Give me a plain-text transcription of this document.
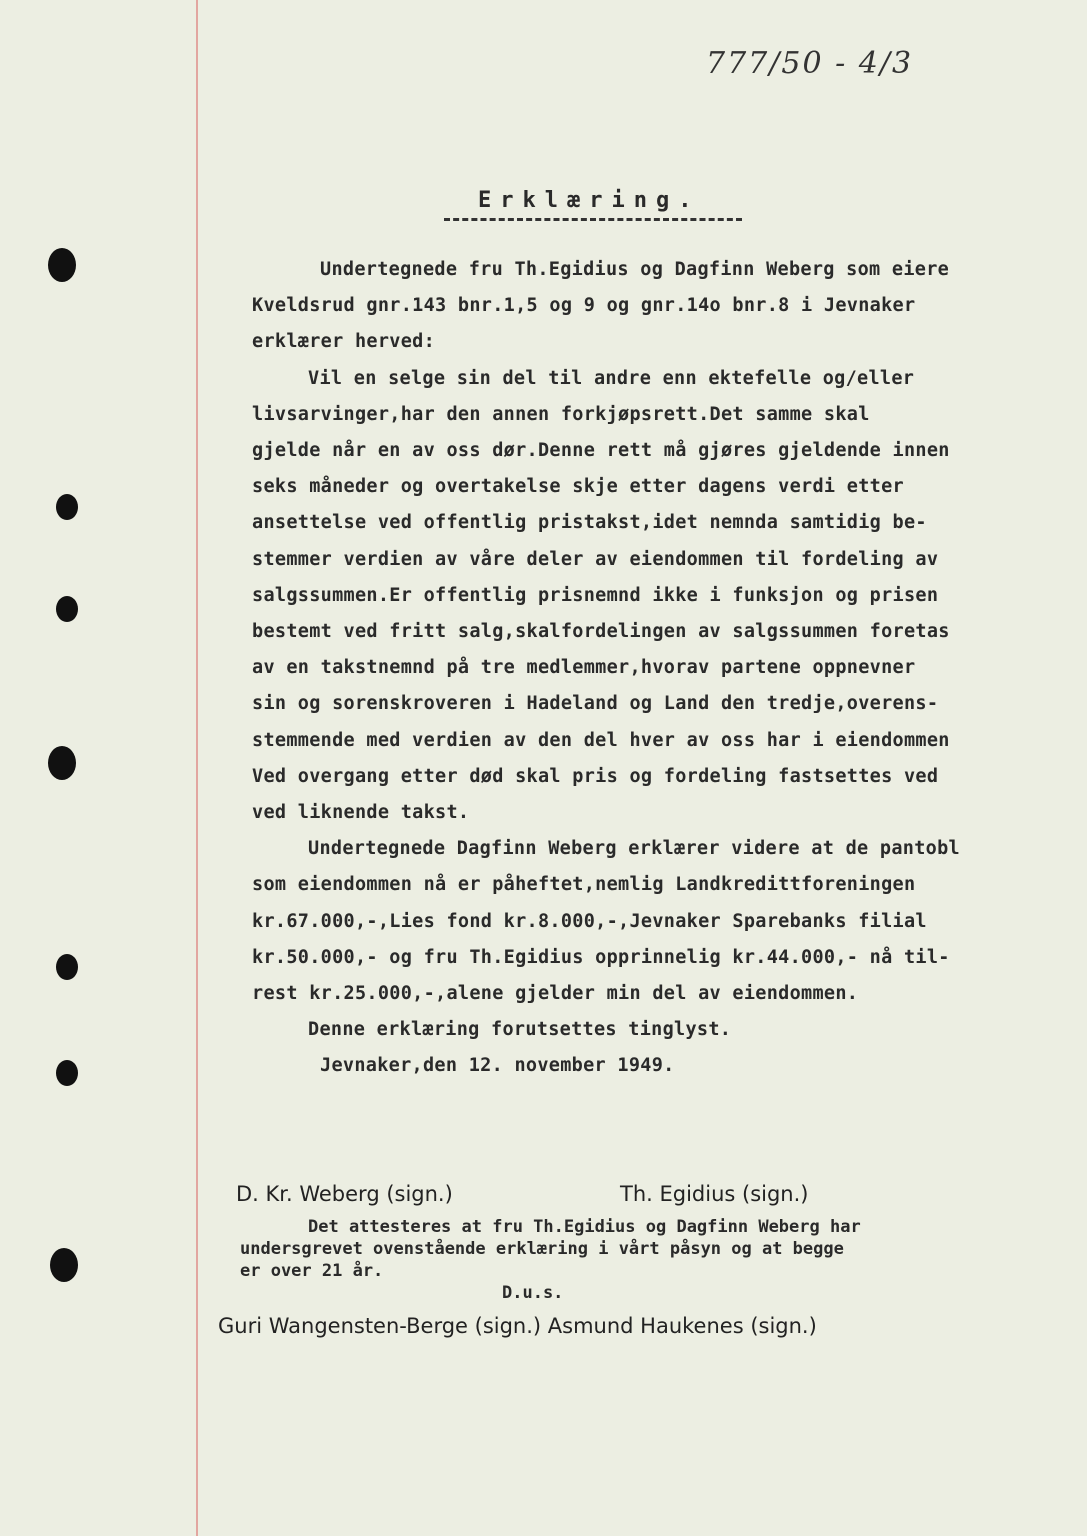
777/50 - 4/3
Erklæring.

Undertegnede fru Th.Egidius og Dagfinn Weberg som eiere

Kveldsrud gnr.143 bnr.1,5 og 9 og gnr.14o bnr.8 i Jevnaker

erklærer herved:

Vil en selge sin del til andre enn ektefelle og/eller

livsarvinger,har den annen forkjøpsrett.Det samme skal

gjelde når en av oss dør.Denne rett må gjøres gjeldende innen

seks måneder og overtakelse skje etter dagens verdi etter

ansettelse ved offentlig pristakst,idet nemnda samtidig be-

stemmer verdien av våre deler av eiendommen til fordeling av

salgssummen.Er offentlig prisnemnd ikke i funksjon og prisen

bestemt ved fritt salg,skalfordelingen av salgssummen foretas

av en takstnemnd på tre medlemmer,hvorav partene oppnevner

sin og sorenskroveren i Hadeland og Land den tredje,overens-

stemmende med verdien av den del hver av oss har i eiendommen

Ved overgang etter død skal pris og fordeling fastsettes ved

ved liknende takst.

Undertegnede Dagfinn Weberg erklærer videre at de pantobl

som eiendommen nå er påheftet,nemlig Landkredittforeningen

kr.67.000,-,Lies fond kr.8.000,-,Jevnaker Sparebanks filial

kr.50.000,- og fru Th.Egidius opprinnelig kr.44.000,- nå til-

rest kr.25.000,-,alene gjelder min del av eiendommen.

Denne erklæring forutsettes tinglyst.

Jevnaker,den 12. november 1949.

D. Kr. Weberg (sign.)	Th. Egidius (sign.)

Det attesteres at fru Th.Egidius og Dagfinn Weberg har

undersgrevet ovenstående erklæring i vårt påsyn og at begge

er over 21 år.

D.u.s.

Guri Wangensten-Berge (sign.) Asmund Haukenes (sign.)
